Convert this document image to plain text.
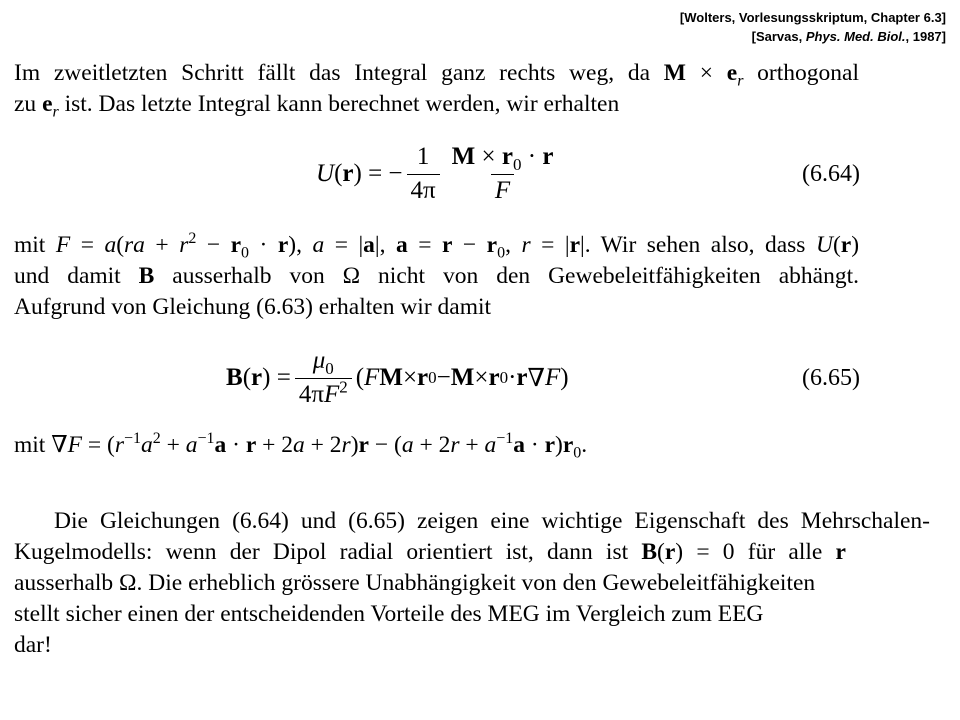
[Wolters, Vorlesungsskriptum, Chapter 6.3]
[Sarvas, Phys. Med. Biol., 1987]
Im zweitletzten Schritt fällt das Integral ganz rechts weg, da $M \times e_r$ orthogonal
zu $e_r$ ist. Das letzte Integral kann berechnet werden, wir erhalten
U ( r ) = − $\frac{1}{4\pi} \frac{M \times r_0 \cdot r}{F}$	(6.64)
mit $F = a(ra + r^2 - r_0 \cdot r)$, a = |a|, $a = r - r_0$, r = |r|. Wir sehen also, dass U(r)
und damit B ausserhalb von Ω nicht von den Gewebeleitfähigkeiten abhängt.
Aufgrund von Gleichung (6.63) erhalten wir damit
B ( r ) = $\frac{\mu_0}{4\pi F^2}$ ( F M × r 0 − M × r 0 · r ∇ F )	(6.65)
mit $\nabla F = (r^{-1}a^2 + a^{-1}a \cdot r + 2a + 2r)r - (a + 2r + a^{-1}a \cdot r)r_0$.
Die Gleichungen (6.64) und (6.65) zeigen eine wichtige Eigenschaft des Mehrschalen-
Kugelmodells: wenn der Dipol radial orientiert ist, dann ist B(r) = 0 für alle r
ausserhalb Ω. Die erheblich grössere Unabhängigkeit von den Gewebeleitfähigkeiten
stellt sicher einen der entscheidenden Vorteile des MEG im Vergleich zum EEG
dar!
